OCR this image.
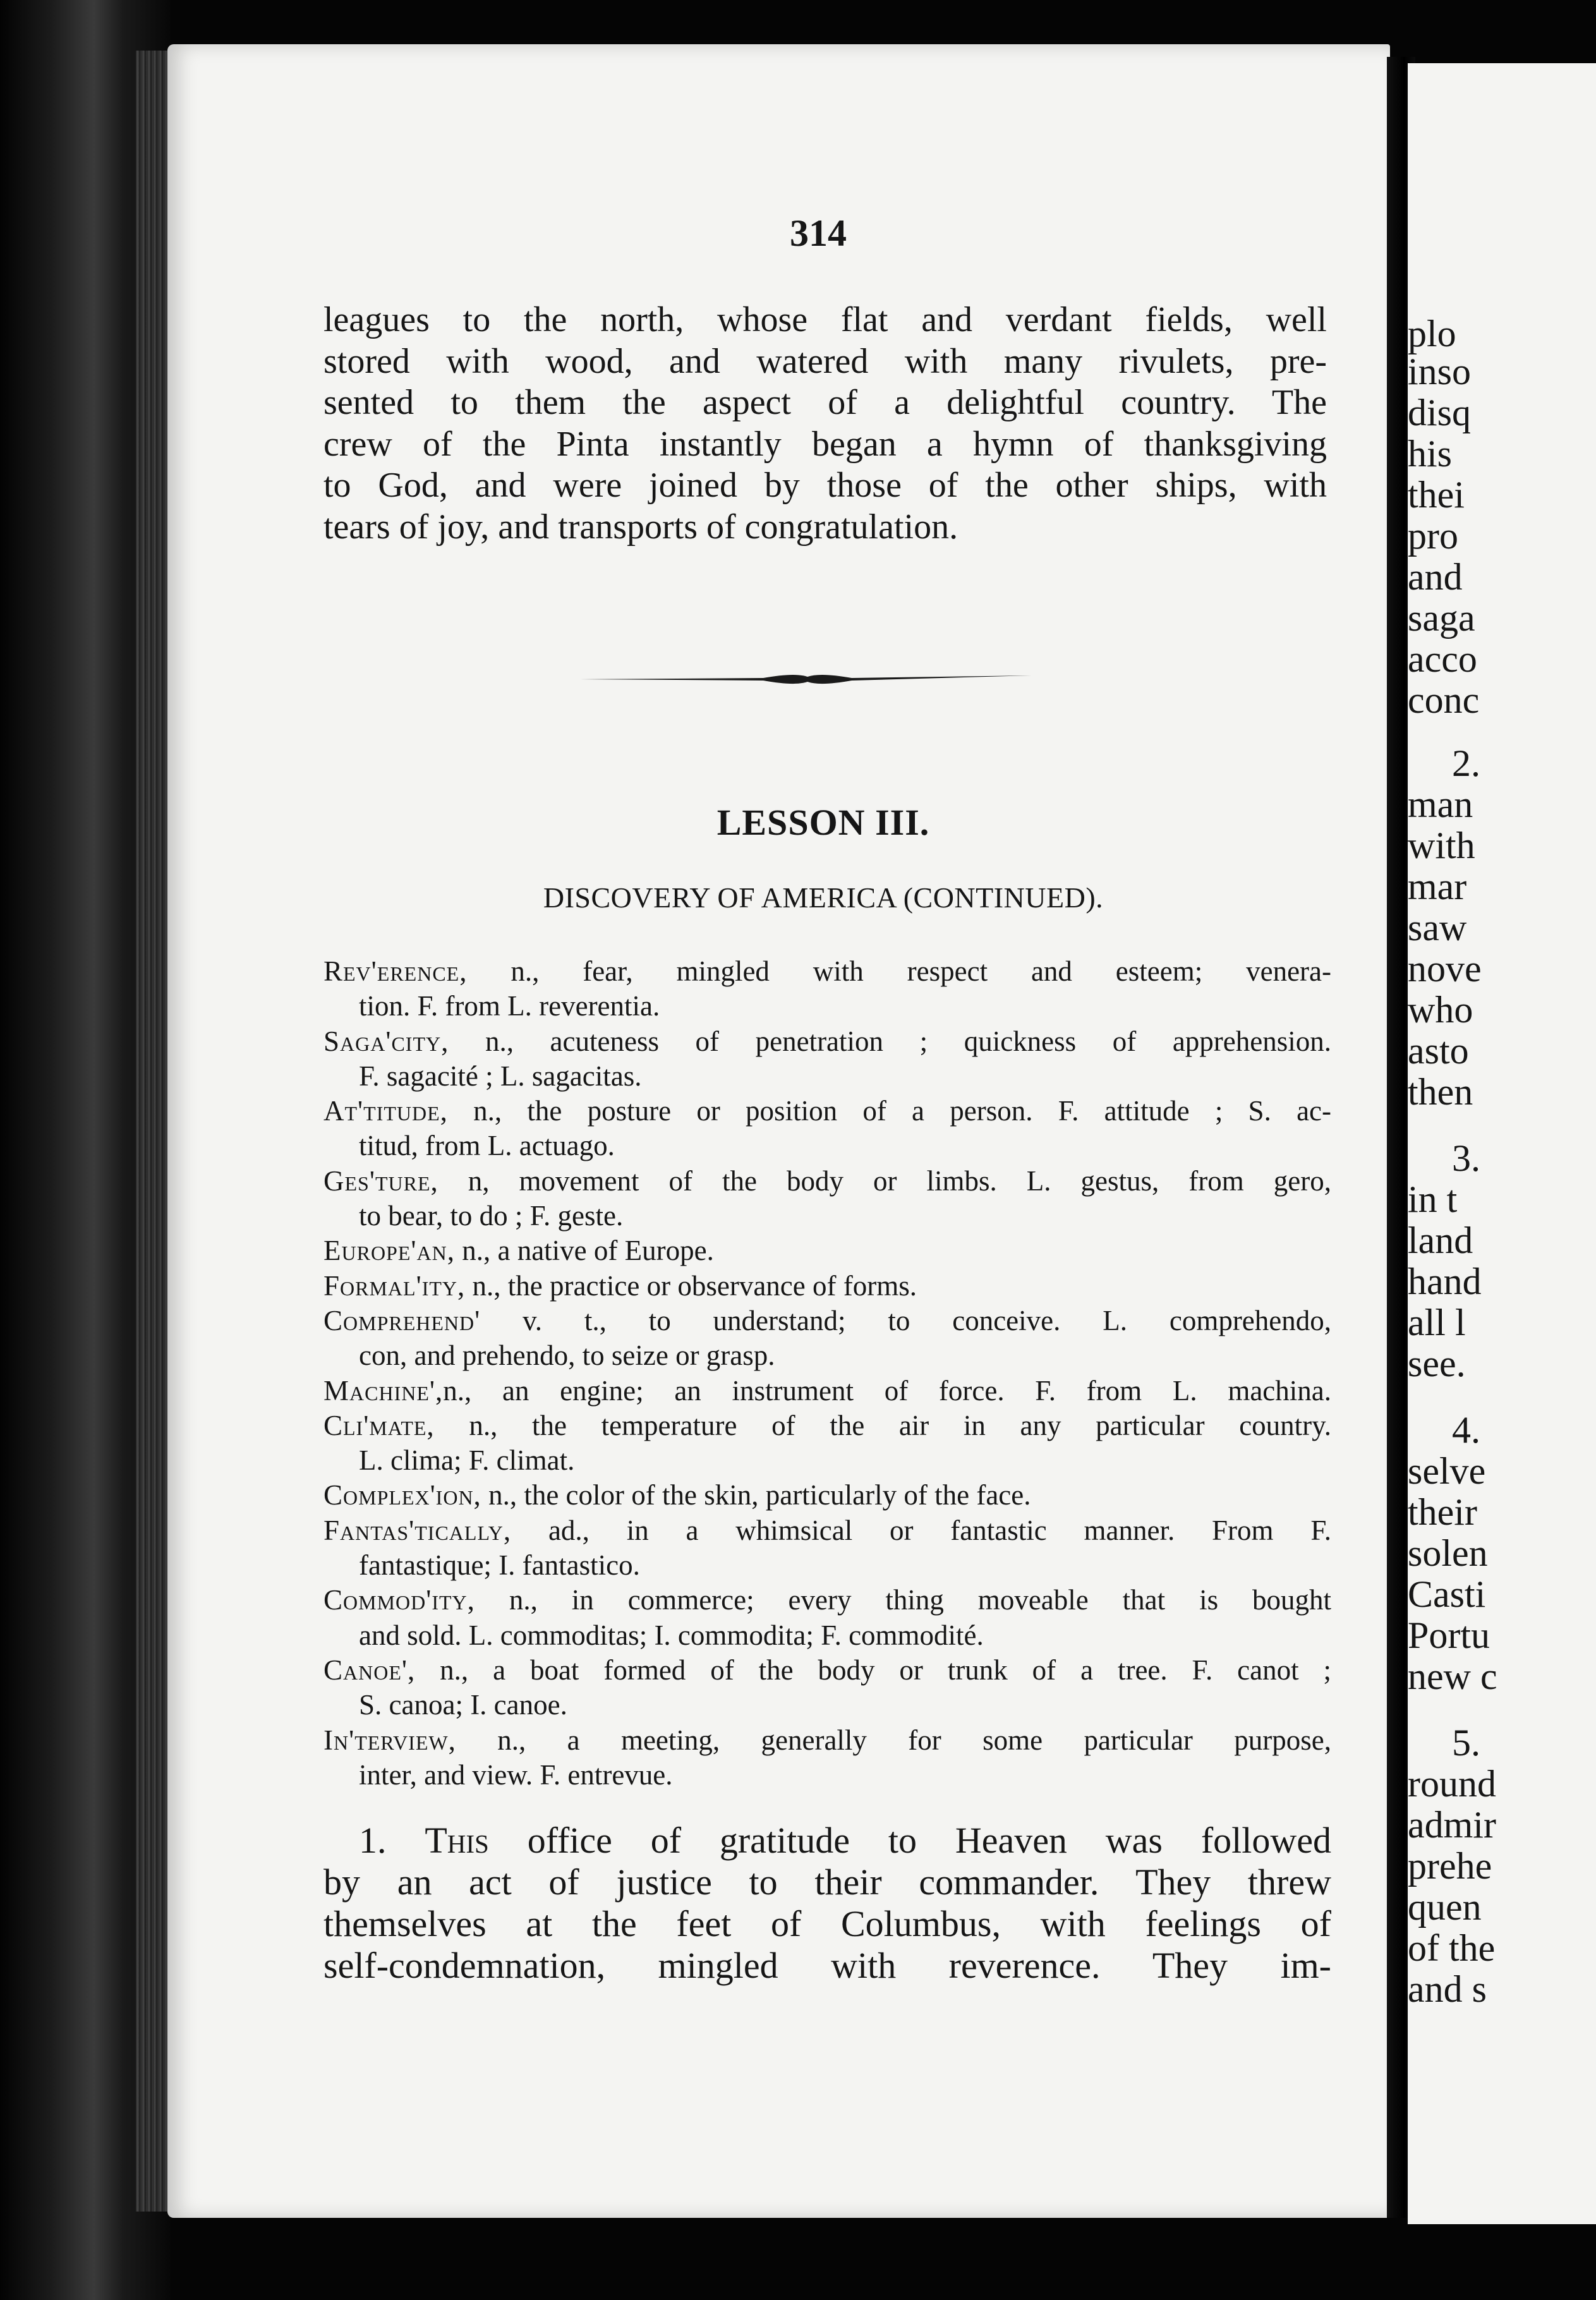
plo
inso
disq
his
thei
pro
and
saga
acco
conc
2.
man
with
mar
saw
nove
who
asto
then
3.
in t
land
hand
all l
see.
4.
selve
their
solen
Casti
Portu
new c
5.
round
admir
prehe
quen
of the
and s
314
leagues to the north, whose flat and verdant fields, well
stored with wood, and watered with many rivulets, pre-
sented to them the aspect of a delightful country. The
crew of the Pinta instantly began a hymn of thanksgiving
to God, and were joined by those of the other ships, with
tears of joy, and transports of congratulation.
LESSON III.
DISCOVERY OF AMERICA (CONTINUED).
Rev'erence, n., fear, mingled with respect and esteem; venera-
tion. F. from L. reverentia.
Saga'city, n., acuteness of penetration ; quickness of apprehension.
F. sagacité ; L. sagacitas.
At'titude, n., the posture or position of a person. F. attitude ; S. ac-
titud, from L. actuago.
Ges'ture, n, movement of the body or limbs. L. gestus, from gero,
to bear, to do ; F. geste.
Europe'an, n., a native of Europe.
Formal'ity, n., the practice or observance of forms.
Comprehend' v. t., to understand; to conceive. L. comprehendo,
con, and prehendo, to seize or grasp.
Machine',n., an engine; an instrument of force. F. from L. machina.
Cli'mate, n., the temperature of the air in any particular country.
L. clima; F. climat.
Complex'ion, n., the color of the skin, particularly of the face.
Fantas'tically, ad., in a whimsical or fantastic manner. From F.
fantastique; I. fantastico.
Commod'ity, n., in commerce; every thing moveable that is bought
and sold. L. commoditas; I. commodita; F. commodité.
Canoe', n., a boat formed of the body or trunk of a tree. F. canot ;
S. canoa; I. canoe.
In'terview, n., a meeting, generally for some particular purpose,
inter, and view. F. entrevue.
1. This office of gratitude to Heaven was followed
by an act of justice to their commander. They threw
themselves at the feet of Columbus, with feelings of
self-condemnation, mingled with reverence. They im-
